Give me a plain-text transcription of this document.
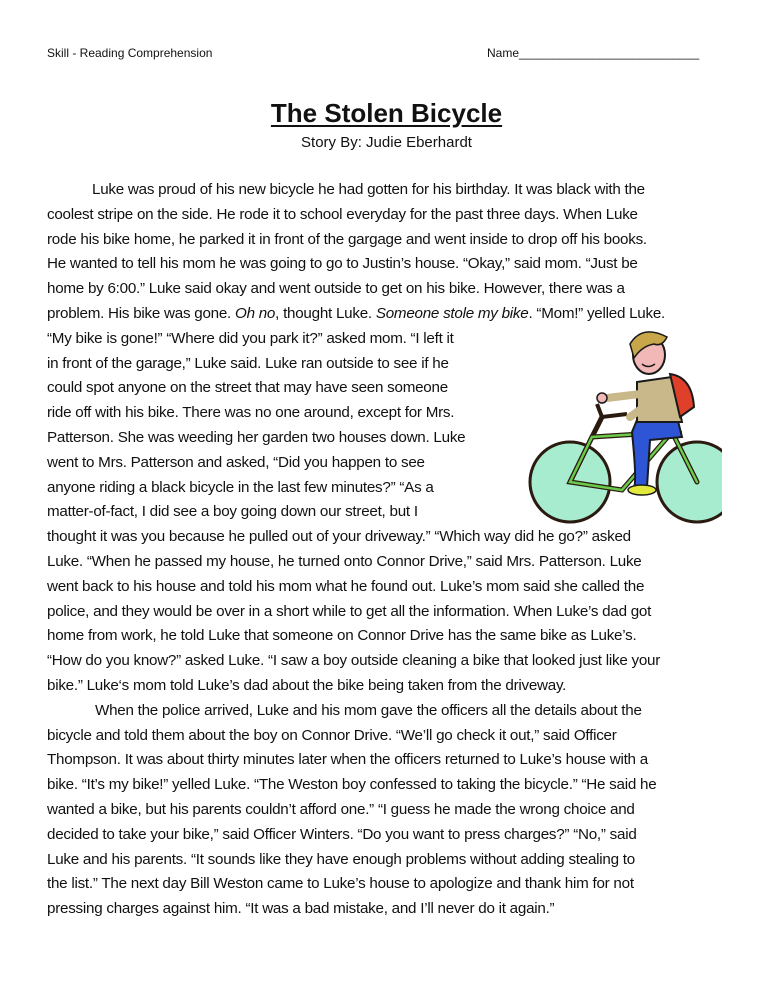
Skill - Reading Comprehension	Name___________________________
The Stolen Bicycle
Story By: Judie Eberhardt
Luke was proud of his new bicycle he had gotten for his birthday. It was black with the
coolest stripe on the side. He rode it to school everyday for the past three days. When Luke
rode his bike home, he parked it in front of the gargage and went inside to drop off his books.
He wanted to tell his mom he was going to go to Justin’s house. “Okay,” said mom. “Just be
home by 6:00.” Luke said okay and went outside to get on his bike. However, there was a
problem. His bike was gone. Oh no, thought Luke. Someone stole my bike. “Mom!” yelled Luke.
“My bike is gone!” “Where did you park it?” asked mom. “I left it
in front of the garage,” Luke said. Luke ran outside to see if he
could spot anyone on the street that may have seen someone
ride off with his bike. There was no one around, except for Mrs.
Patterson. She was weeding her garden two houses down. Luke
went to Mrs. Patterson and asked, “Did you happen to see
anyone riding a black bicycle in the last few minutes?” “As a
matter-of-fact, I did see a boy going down our street, but I
thought it was you because he pulled out of your driveway.” “Which way did he go?” asked
Luke. “When he passed my house, he turned onto Connor Drive,” said Mrs. Patterson. Luke
went back to his house and told his mom what he found out. Luke’s mom said she called the
police, and they would be over in a short while to get all the information. When Luke’s dad got
home from work, he told Luke that someone on Connor Drive has the same bike as Luke’s.
“How do you know?” asked Luke. “I saw a boy outside cleaning a bike that looked just like your
bike.” Luke‘s mom told Luke’s dad about the bike being taken from the driveway.
When the police arrived, Luke and his mom gave the officers all the details about the
bicycle and told them about the boy on Connor Drive. “We’ll go check it out,” said Officer
Thompson. It was about thirty minutes later when the officers returned to Luke’s house with a
bike. “It’s my bike!” yelled Luke. “The Weston boy confessed to taking the bicycle.” “He said he
wanted a bike, but his parents couldn’t afford one.” “I guess he made the wrong choice and
decided to take your bike,” said Officer Winters. “Do you want to press charges?” “No,” said
Luke and his parents. “It sounds like they have enough problems without adding stealing to
the list.” The next day Bill Weston came to Luke’s house to apologize and thank him for not
pressing charges against him. “It was a bad mistake, and I’ll never do it again.”
